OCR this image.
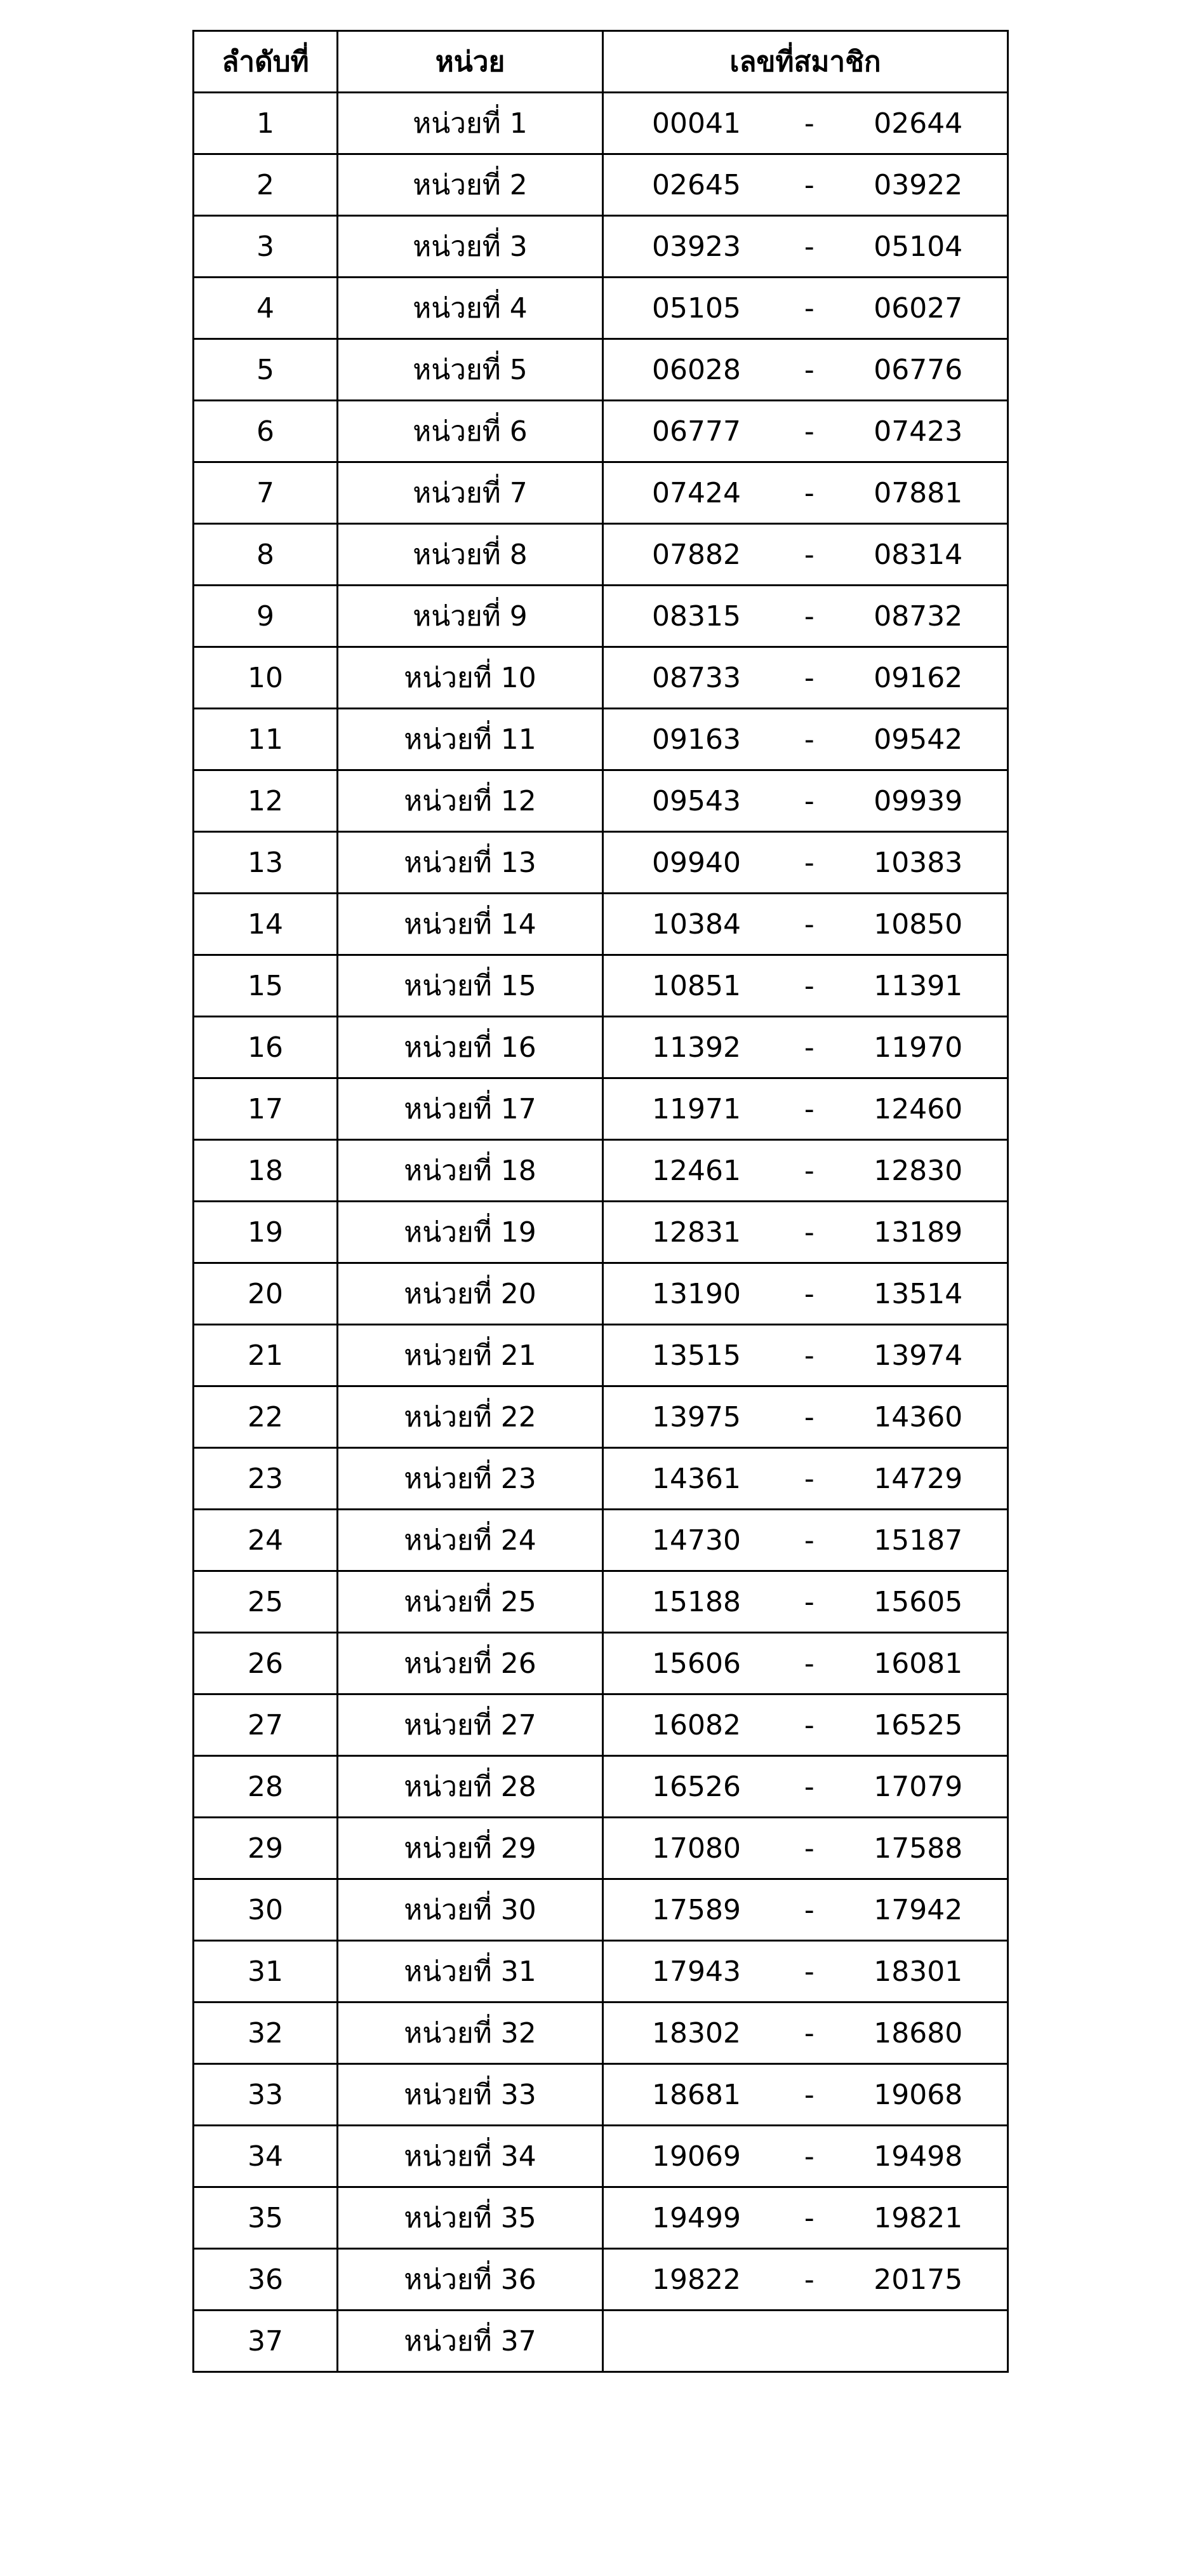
ลำดับที่	หน่วย	เลขที่สมาชิก
1	หน่วยที่ 1	00041 - 02644

2	หน่วยที่ 2	02645 - 03922

3	หน่วยที่ 3	03923 - 05104

4	หน่วยที่ 4	05105 - 06027

5	หน่วยที่ 5	06028 - 06776

6	หน่วยที่ 6	06777 - 07423

7	หน่วยที่ 7	07424 - 07881

8	หน่วยที่ 8	07882 - 08314

9	หน่วยที่ 9	08315 - 08732

10	หน่วยที่ 10	08733 - 09162

11	หน่วยที่ 11	09163 - 09542

12	หน่วยที่ 12	09543 - 09939

13	หน่วยที่ 13	09940 - 10383

14	หน่วยที่ 14	10384 - 10850

15	หน่วยที่ 15	10851 - 11391

16	หน่วยที่ 16	11392 - 11970

17	หน่วยที่ 17	11971 - 12460

18	หน่วยที่ 18	12461 - 12830

19	หน่วยที่ 19	12831 - 13189

20	หน่วยที่ 20	13190 - 13514

21	หน่วยที่ 21	13515 - 13974

22	หน่วยที่ 22	13975 - 14360

23	หน่วยที่ 23	14361 - 14729

24	หน่วยที่ 24	14730 - 15187

25	หน่วยที่ 25	15188 - 15605

26	หน่วยที่ 26	15606 - 16081

27	หน่วยที่ 27	16082 - 16525

28	หน่วยที่ 28	16526 - 17079

29	หน่วยที่ 29	17080 - 17588

30	หน่วยที่ 30	17589 - 17942

31	หน่วยที่ 31	17943 - 18301

32	หน่วยที่ 32	18302 - 18680

33	หน่วยที่ 33	18681 - 19068

34	หน่วยที่ 34	19069 - 19498

35	หน่วยที่ 35	19499 - 19821

36	หน่วยที่ 36	19822 - 20175

37	หน่วยที่ 37	
